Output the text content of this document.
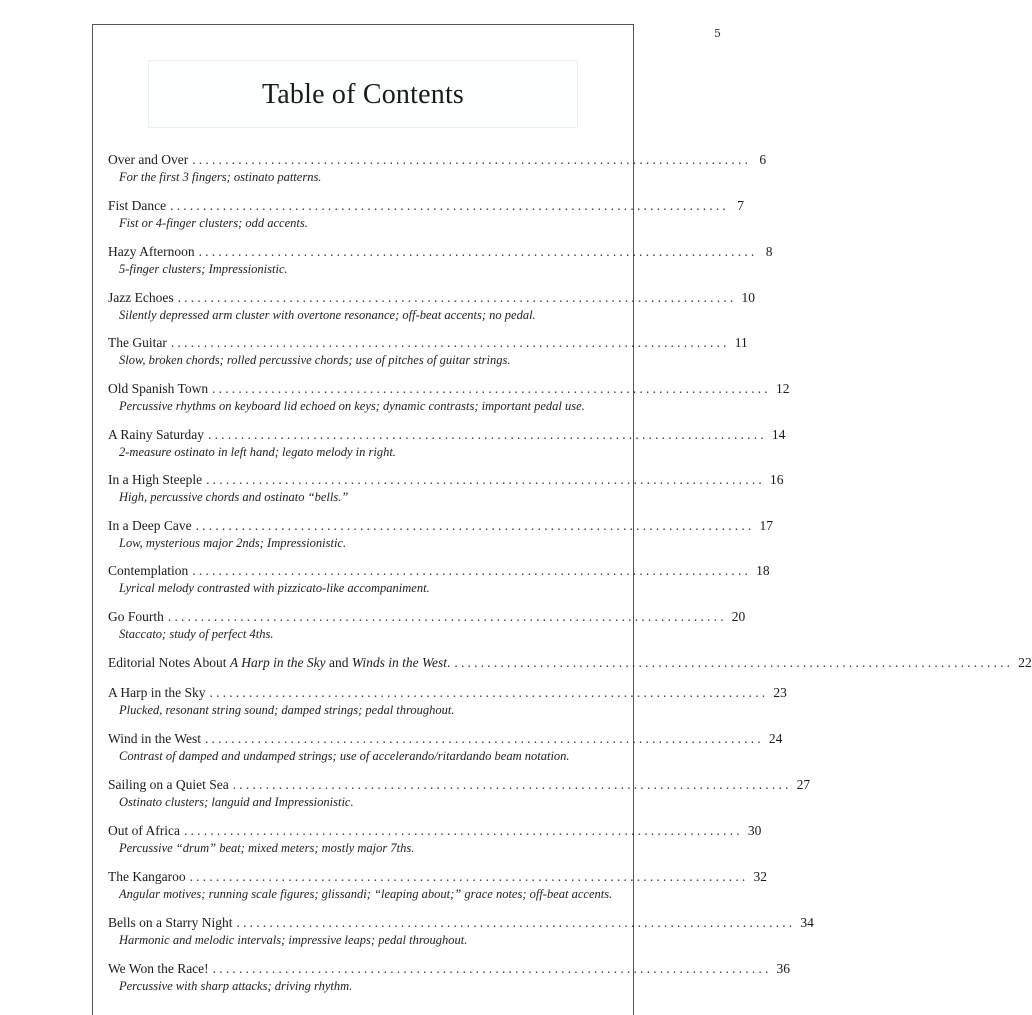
5
Table of Contents
Over and Over ..................................................................................... 6
For the first 3 fingers; ostinato patterns.
Fist Dance ..................................................................................... 7
Fist or 4-finger clusters; odd accents.
Hazy Afternoon ..................................................................................... 8
5-finger clusters; Impressionistic.
Jazz Echoes ..................................................................................... 10
Silently depressed arm cluster with overtone resonance; off-beat accents; no pedal.
The Guitar ..................................................................................... 11
Slow, broken chords; rolled percussive chords; use of pitches of guitar strings.
Old Spanish Town ..................................................................................... 12
Percussive rhythms on keyboard lid echoed on keys; dynamic contrasts; important pedal use.
A Rainy Saturday ..................................................................................... 14
2-measure ostinato in left hand; legato melody in right.
In a High Steeple ..................................................................................... 16
High, percussive chords and ostinato “bells.”
In a Deep Cave ..................................................................................... 17
Low, mysterious major 2nds; Impressionistic.
Contemplation ..................................................................................... 18
Lyrical melody contrasted with pizzicato-like accompaniment.
Go Fourth ..................................................................................... 20
Staccato; study of perfect 4ths.
Editorial Notes About A Harp in the Sky and Winds in the West. ..................................................................................... 22
A Harp in the Sky ..................................................................................... 23
Plucked, resonant string sound; damped strings; pedal throughout.
Wind in the West ..................................................................................... 24
Contrast of damped and undamped strings; use of accelerando/ritardando beam notation.
Sailing on a Quiet Sea ..................................................................................... 27
Ostinato clusters; languid and Impressionistic.
Out of Africa ..................................................................................... 30
Percussive “drum” beat; mixed meters; mostly major 7ths.
The Kangaroo ..................................................................................... 32
Angular motives; running scale figures; glissandi; “leaping about;” grace notes; off-beat accents.
Bells on a Starry Night ..................................................................................... 34
Harmonic and melodic intervals; impressive leaps; pedal throughout.
We Won the Race! ..................................................................................... 36
Percussive with sharp attacks; driving rhythm.
